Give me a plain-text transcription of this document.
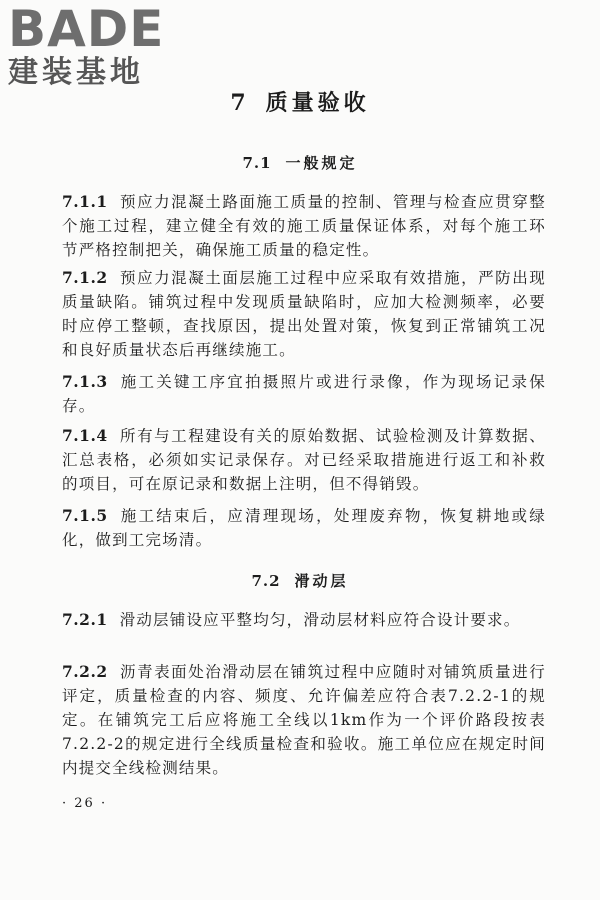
BADE
建装基地
7 质量验收
7.1 一般规定
7.1.1 预应力混凝土路面施工质量的控制、管理与检查应贯穿整个施工过程，建立健全有效的施工质量保证体系，对每个施工环节严格控制把关，确保施工质量的稳定性。
7.1.2 预应力混凝土面层施工过程中应采取有效措施，严防出现质量缺陷。铺筑过程中发现质量缺陷时，应加大检测频率，必要时应停工整顿，查找原因，提出处置对策，恢复到正常铺筑工况和良好质量状态后再继续施工。
7.1.3 施工关键工序宜拍摄照片或进行录像，作为现场记录保存。
7.1.4 所有与工程建设有关的原始数据、试验检测及计算数据、汇总表格，必须如实记录保存。对已经采取措施进行返工和补救的项目，可在原记录和数据上注明，但不得销毁。
7.1.5 施工结束后，应清理现场，处理废弃物，恢复耕地或绿化，做到工完场清。
7.2 滑动层
7.2.1 滑动层铺设应平整均匀，滑动层材料应符合设计要求。
7.2.2 沥青表面处治滑动层在铺筑过程中应随时对铺筑质量进行评定，质量检查的内容、频度、允许偏差应符合表7.2.2-1的规定。在铺筑完工后应将施工全线以1km作为一个评价路段按表7.2.2-2的规定进行全线质量检查和验收。施工单位应在规定时间内提交全线检测结果。
· 26 ·
